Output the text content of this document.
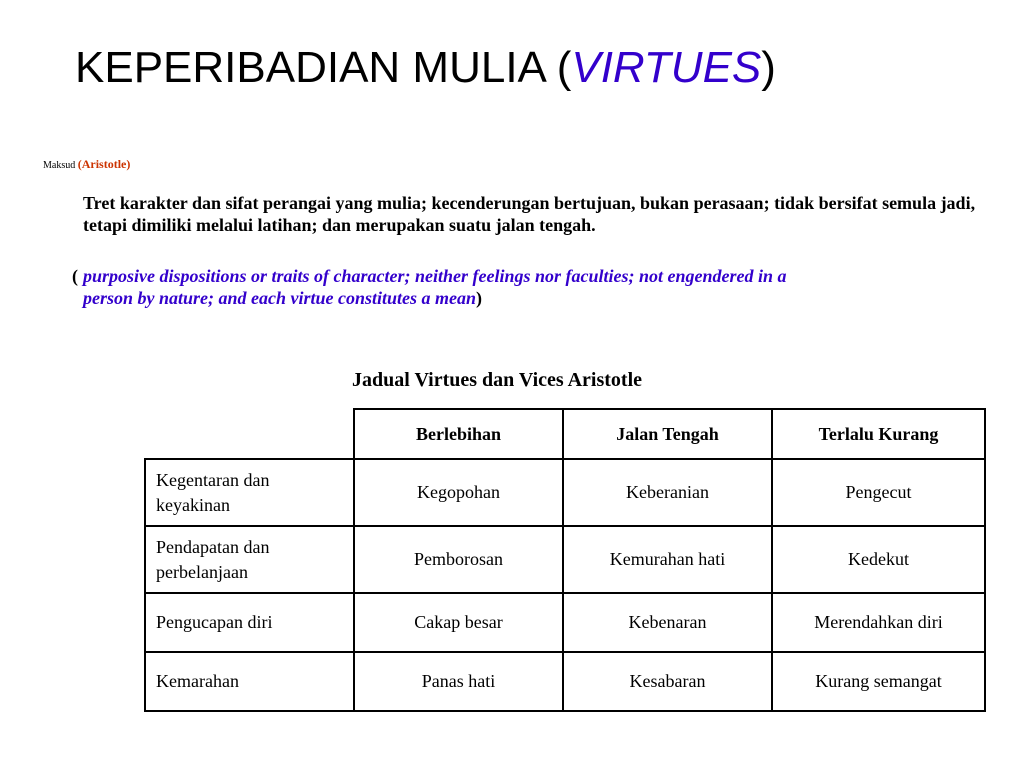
KEPERIBADIAN MULIA (VIRTUES)
Maksud (Aristotle)

Tret karakter dan sifat perangai yang mulia; kecenderungan bertujuan, bukan perasaan; tidak bersifat semula jadi, tetapi dimiliki melalui latihan; dan merupakan suatu jalan tengah.

( purposive dispositions or traits of character; neither feelings nor faculties; not engendered in a
person by nature; and each virtue constitutes a mean)

Jadual Virtues dan Vices Aristotle
	Berlebihan	Jalan Tengah	Terlalu Kurang
Kegentaran dan keyakinan	Kegopohan	Keberanian	Pengecut
Pendapatan dan perbelanjaan	Pemborosan	Kemurahan hati	Kedekut
Pengucapan diri	Cakap besar	Kebenaran	Merendahkan diri
Kemarahan	Panas hati	Kesabaran	Kurang semangat
